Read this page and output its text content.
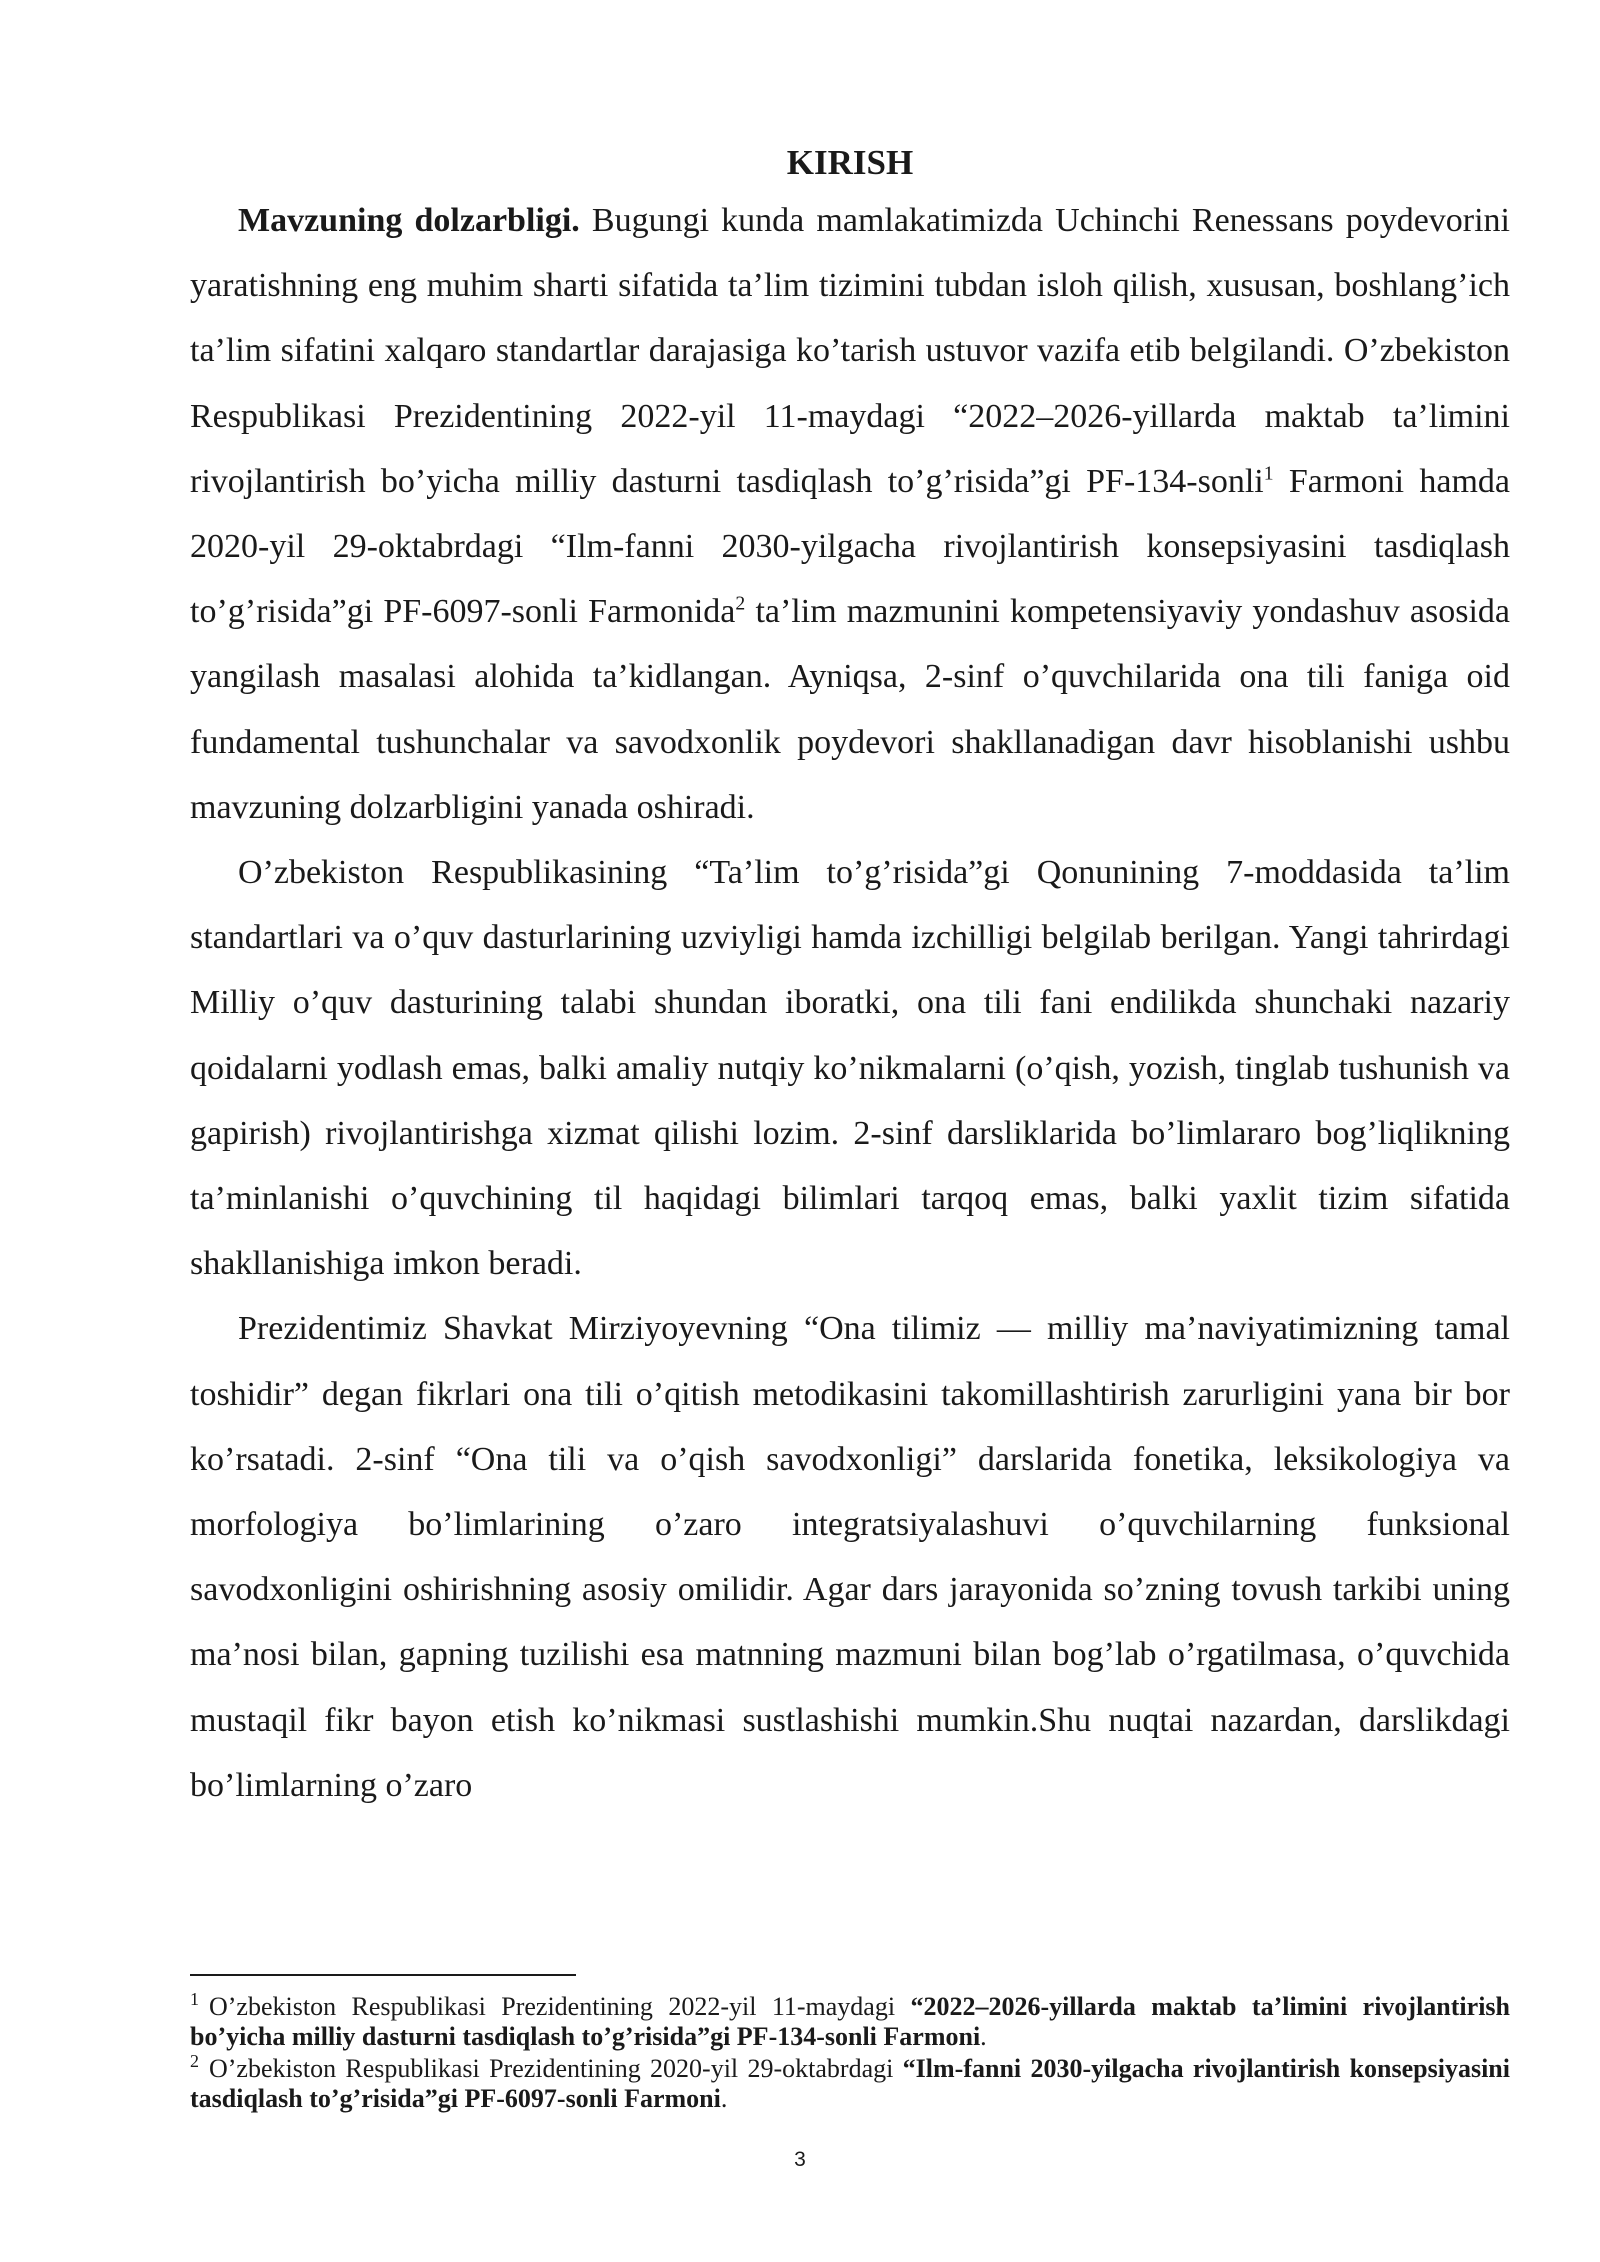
KIRISH

Mavzuning dolzarbligi. Bugungi kunda mamlakatimizda Uchinchi Renessans poydevorini yaratishning eng muhim sharti sifatida ta’lim tizimini tubdan isloh qilish, xususan, boshlang’ich ta’lim sifatini xalqaro standartlar darajasiga ko’tarish ustuvor vazifa etib belgilandi. O’zbekiston Respublikasi Prezidentining 2022-yil 11-maydagi “2022–2026-yillarda maktab ta’limini rivojlantirish bo’yicha milliy dasturni tasdiqlash to’g’risida”gi PF-134-sonli$^1$ Farmoni hamda 2020-yil 29-oktabrdagi “Ilm-fanni 2030-yilgacha rivojlantirish konsepsiyasini tasdiqlash to’g’risida”gi PF-6097-sonli Farmonida$^2$ ta’lim mazmunini kompetensiyaviy yondashuv asosida yangilash masalasi alohida ta’kidlangan. Ayniqsa, 2-sinf o’quvchilarida ona tili faniga oid fundamental tushunchalar va savodxonlik poydevori shakllanadigan davr hisoblanishi ushbu mavzuning dolzarbligini yanada oshiradi.

O’zbekiston Respublikasining “Ta’lim to’g’risida”gi Qonunining 7-moddasida ta’lim standartlari va o’quv dasturlarining uzviyligi hamda izchilligi belgilab berilgan. Yangi tahrirdagi Milliy o’quv dasturining talabi shundan iboratki, ona tili fani endilikda shunchaki nazariy qoidalarni yodlash emas, balki amaliy nutqiy ko’nikmalarni (o’qish, yozish, tinglab tushunish va gapirish) rivojlantirishga xizmat qilishi lozim. 2-sinf darsliklarida bo’limlararo bog’liqlikning ta’minlanishi o’quvchining til haqidagi bilimlari tarqoq emas, balki yaxlit tizim sifatida shakllanishiga imkon beradi.

Prezidentimiz Shavkat Mirziyoyevning “Ona tilimiz — milliy ma’naviyatimizning tamal toshidir” degan fikrlari ona tili o’qitish metodikasini takomillashtirish zarurligini yana bir bor ko’rsatadi. 2-sinf “Ona tili va o’qish savodxonligi” darslarida fonetika, leksikologiya va morfologiya bo’limlarining o’zaro integratsiyalashuvi o’quvchilarning funksional savodxonligini oshirishning asosiy omilidir. Agar dars jarayonida so’zning tovush tarkibi uning ma’nosi bilan, gapning tuzilishi esa matnning mazmuni bilan bog’lab o’rgatilmasa, o’quvchida mustaqil fikr bayon etish ko’nikmasi sustlashishi mumkin.Shu nuqtai nazardan, darslikdagi bo’limlarning o’zaro

$^1$ O’zbekiston Respublikasi Prezidentining 2022-yil 11-maydagi “2022–2026-yillarda maktab ta’limini rivojlantirish bo’yicha milliy dasturni tasdiqlash to’g’risida”gi PF-134-sonli Farmoni.

$^2$ O’zbekiston Respublikasi Prezidentining 2020-yil 29-oktabrdagi “Ilm-fanni 2030-yilgacha rivojlantirish konsepsiyasini tasdiqlash to’g’risida”gi PF-6097-sonli Farmoni.

3
